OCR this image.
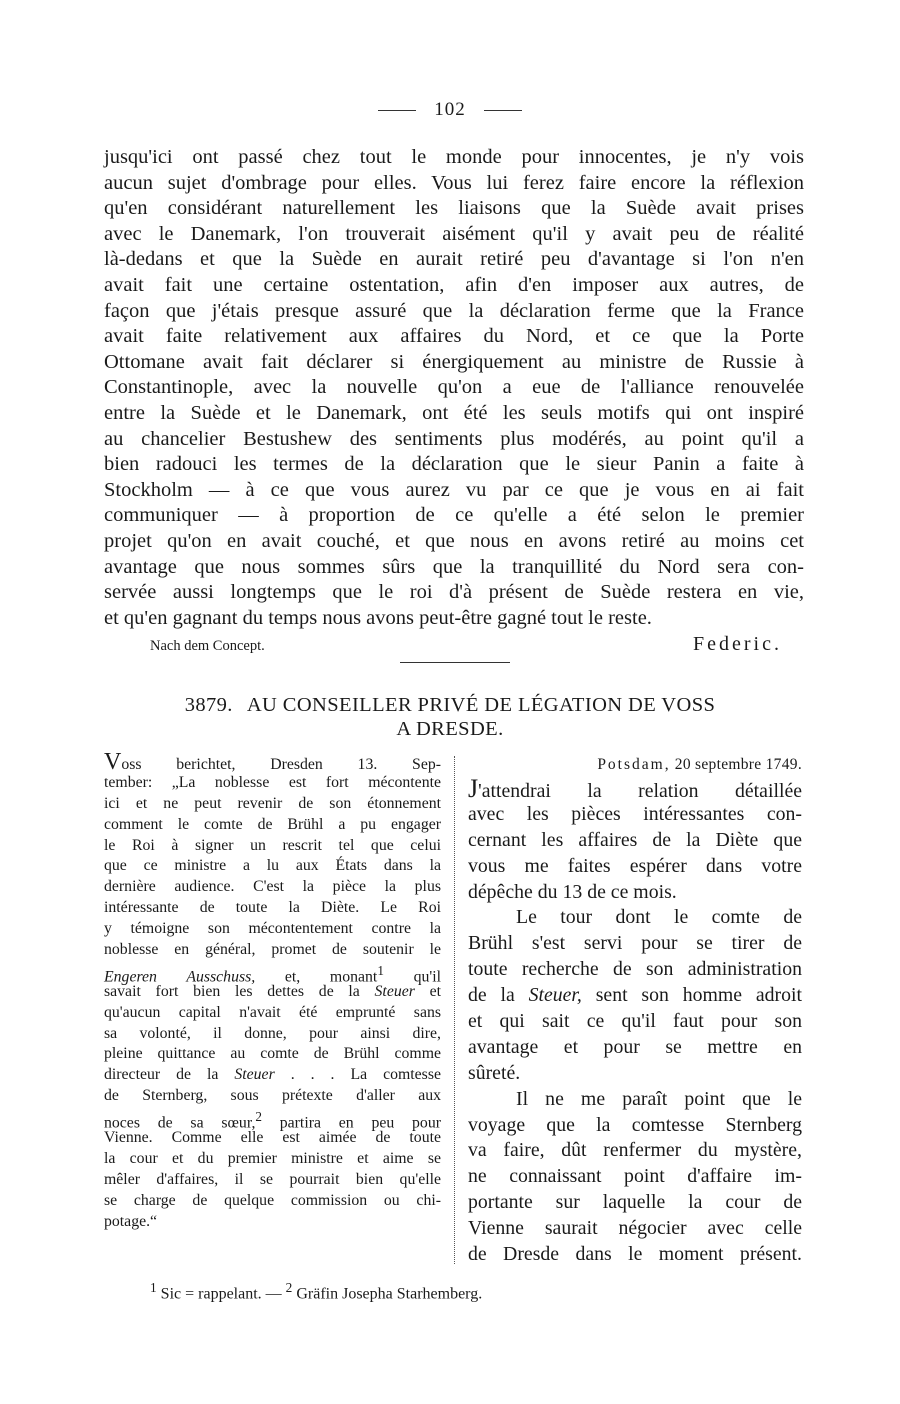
102
jusqu'ici ont passé chez tout le monde pour innocentes, je n'y vois
aucun sujet d'ombrage pour elles. Vous lui ferez faire encore la réflexion
qu'en considérant naturellement les liaisons que la Suède avait prises
avec le Danemark, l'on trouverait aisément qu'il y avait peu de réalité
là-dedans et que la Suède en aurait retiré peu d'avantage si l'on n'en
avait fait une certaine ostentation, afin d'en imposer aux autres, de
façon que j'étais presque assuré que la déclaration ferme que la France
avait faite relativement aux affaires du Nord, et ce que la Porte
Ottomane avait fait déclarer si énergiquement au ministre de Russie à
Constantinople, avec la nouvelle qu'on a eue de l'alliance renouvelée
entre la Suède et le Danemark, ont été les seuls motifs qui ont inspiré
au chancelier Bestushew des sentiments plus modérés, au point qu'il a
bien radouci les termes de la déclaration que le sieur Panin a faite à
Stockholm — à ce que vous aurez vu par ce que je vous en ai fait
communiquer — à proportion de ce qu'elle a été selon le premier
projet qu'on en avait couché, et que nous en avons retiré au moins cet
avantage que nous sommes sûrs que la tranquillité du Nord sera con-
servée aussi longtemps que le roi d'à présent de Suède restera en vie,
et qu'en gagnant du temps nous avons peut-être gagné tout le reste.
Nach dem Concept.	Federic.
3879. AU CONSEILLER PRIVÉ DE LÉGATION DE VOSS
A DRESDE.
Voss berichtet, Dresden 13. Sep-
tember: „La noblesse est fort mécontente
ici et ne peut revenir de son étonnement
comment le comte de Brühl a pu engager
le Roi à signer un rescrit tel que celui
que ce ministre a lu aux États dans la
dernière audience. C'est la pièce la plus
intéressante de toute la Diète. Le Roi
y témoigne son mécontentement contre la
noblesse en général, promet de soutenir le
Engeren Ausschuss, et, monant$^1$ qu'il
savait fort bien les dettes de la Steuer et
qu'aucun capital n'avait été emprunté sans
sa volonté, il donne, pour ainsi dire,
pleine quittance au comte de Brühl comme
directeur de la Steuer . . . La comtesse
de Sternberg, sous prétexte d'aller aux
noces de sa sœur,$^2$ partira en peu pour
Vienne. Comme elle est aimée de toute
la cour et du premier ministre et aime se
mêler d'affaires, il se pourrait bien qu'elle
se charge de quelque commission ou chi-
potage.“
Potsdam, 20 septembre 1749.
J'attendrai la relation détaillée
avec les pièces intéressantes con-
cernant les affaires de la Diète que
vous me faites espérer dans votre
dépêche du 13 de ce mois.
Le tour dont le comte de
Brühl s'est servi pour se tirer de
toute recherche de son administration
de la Steuer, sent son homme adroit
et qui sait ce qu'il faut pour son
avantage et pour se mettre en
sûreté.
Il ne me paraît point que le
voyage que la comtesse Sternberg
va faire, dût renfermer du mystère,
ne connaissant point d'affaire im-
portante sur laquelle la cour de
Vienne saurait négocier avec celle
de Dresde dans le moment présent.
$^1$ Sic = rappelant. — $^2$ Gräfin Josepha Starhemberg.
